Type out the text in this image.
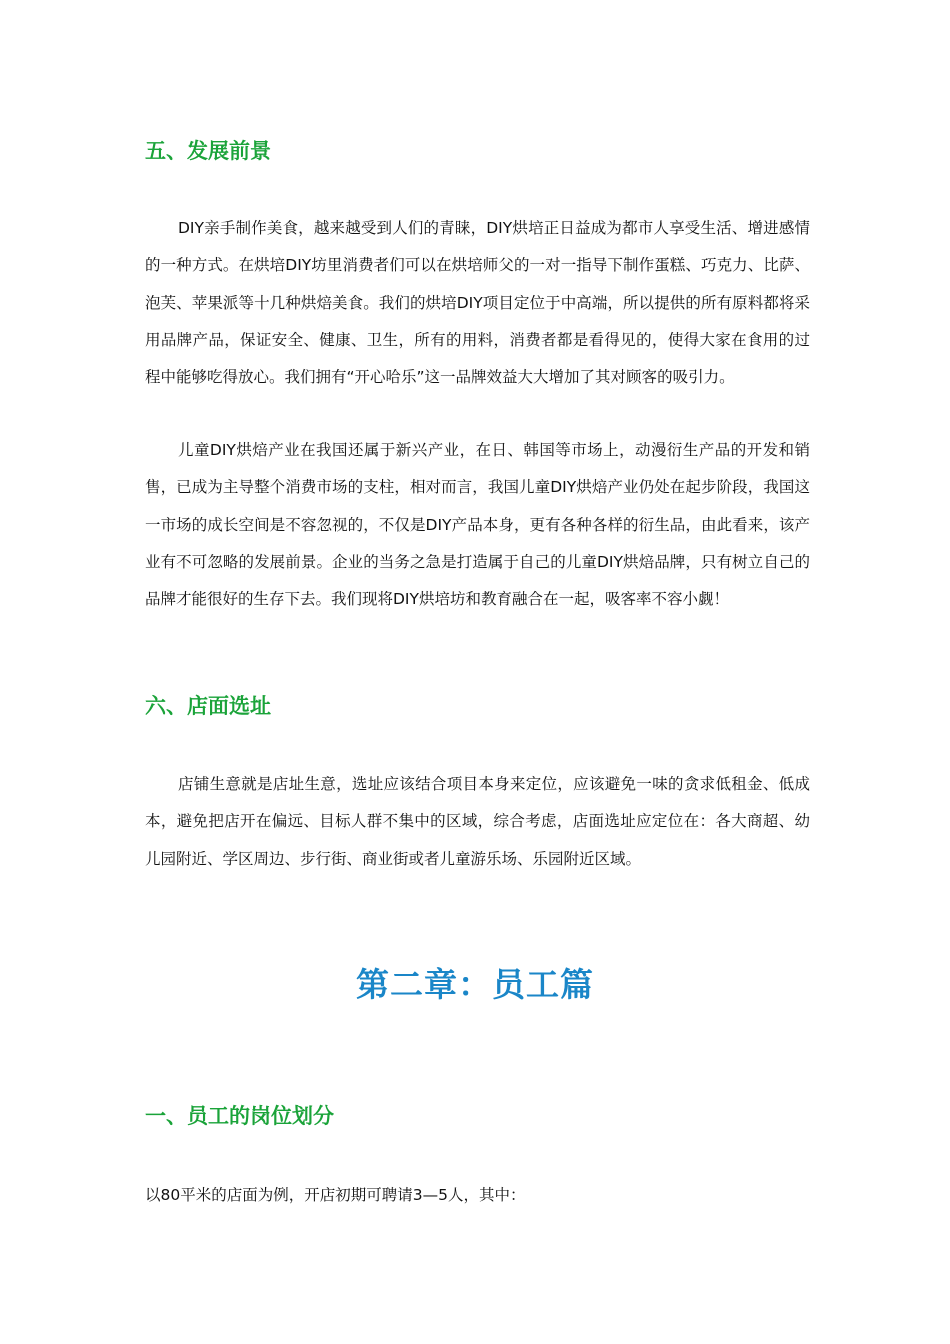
五、发展前景

DIY亲手制作美食，越来越受到人们的青睐，DIY烘培正日益成为都市人享受生活、增进感情的一种方式。在烘培DIY坊里消费者们可以在烘培师父的一对一指导下制作蛋糕、巧克力、比萨、泡芙、苹果派等十几种烘焙美食。我们的烘培DIY项目定位于中高端，所以提供的所有原料都将采用品牌产品，保证安全、健康、卫生，所有的用料，消费者都是看得见的，使得大家在食用的过程中能够吃得放心。我们拥有“开心哈乐”这一品牌效益大大增加了其对顾客的吸引力。

儿童DIY烘焙产业在我国还属于新兴产业，在日、韩国等市场上，动漫衍生产品的开发和销售，已成为主导整个消费市场的支柱，相对而言，我国儿童DIY烘焙产业仍处在起步阶段，我国这一市场的成长空间是不容忽视的，不仅是DIY产品本身，更有各种各样的衍生品，由此看来，该产业有不可忽略的发展前景。企业的当务之急是打造属于自己的儿童DIY烘焙品牌，只有树立自己的品牌才能很好的生存下去。我们现将DIY烘培坊和教育融合在一起，吸客率不容小觑！

六、店面选址

店铺生意就是店址生意，选址应该结合项目本身来定位，应该避免一味的贪求低租金、低成本，避免把店开在偏远、目标人群不集中的区域，综合考虑，店面选址应定位在：各大商超、幼儿园附近、学区周边、步行街、商业街或者儿童游乐场、乐园附近区域。

第二章：员工篇
一、员工的岗位划分

以80平米的店面为例，开店初期可聘请3—5人，其中：
